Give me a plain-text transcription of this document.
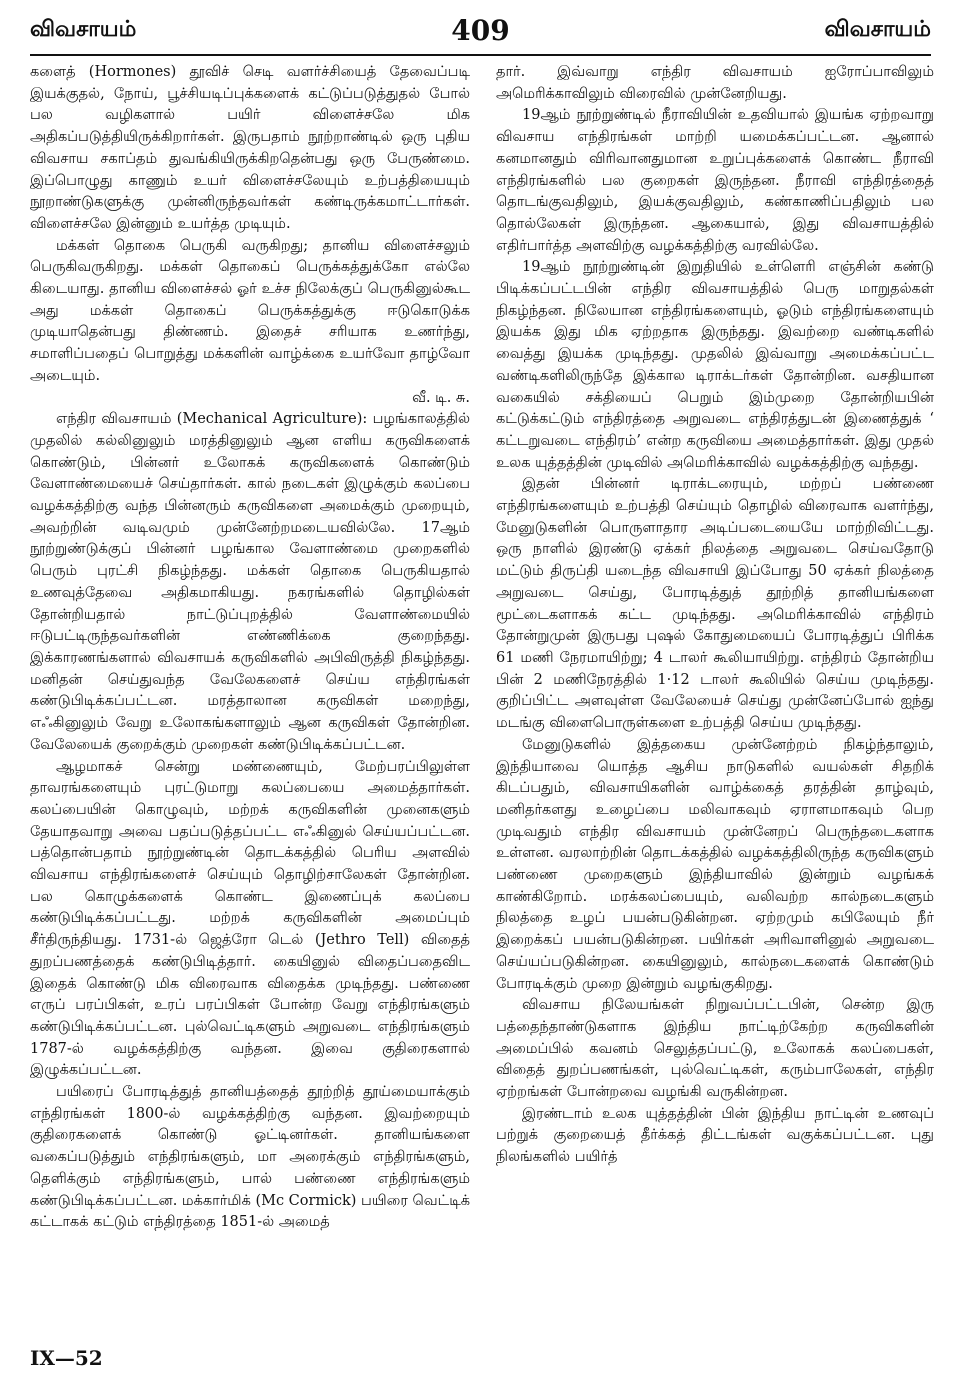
விவசாயம்	409	விவசாயம்

களைத் (Hormones) தூவிச் செடி வளர்ச்சியைத் தேவைப்படி இயக்குதல், நோய், பூச்சியடிப்புக்களைக் கட்டுப்படுத்துதல் போல் பல வழிகளால் பயிர் விளைச்சலே மிக அதிகப்படுத்தியிருக்கிறார்கள். இருபதாம் நூற்றாண்டில் ஒரு புதிய விவசாய சகாப்தம் துவங்கியிருக்கிறதென்பது ஒரு பேருண்மை. இப்பொழுது காணும் உயர் விளைச்சலேயும் உற்பத்தியையும் நூறாண்டுகளுக்கு முன்னிருந்தவர்கள் கண்டிருக்கமாட்டார்கள். விளைச்சலே இன்னும் உயர்த்த முடியும்.

மக்கள் தொகை பெருகி வருகிறது; தானிய விளைச்சலும் பெருகிவருகிறது. மக்கள் தொகைப் பெருக்கத்துக்கோ எல்லே கிடையாது. தானிய விளைச்சல் ஓர் உச்ச நிலேக்குப் பெருகினுல்கூட அது மக்கள் தொகைப் பெருக்கத்துக்கு ஈடுகொடுக்க முடியாதென்பது திண்ணம். இதைச் சரியாக உணர்ந்து, சமாளிப்பதைப் பொறுத்து மக்களின் வாழ்க்கை உயர்வோ தாழ்வோ அடையும்.

வீ. டி. சு.

எந்திர விவசாயம் (Mechanical Agriculture): பழங்காலத்தில் முதலில் கல்லினுலும் மரத்தினுலும் ஆன எளிய கருவிகளைக் கொண்டும், பின்னர் உலோகக் கருவிகளைக் கொண்டும் வேளாண்மையைச் செய்தார்கள். கால் நடைகள் இழுக்கும் கலப்பை வழக்கத்திற்கு வந்த பின்னரும் கருவிகளை அமைக்கும் முறையும், அவற்றின் வடிவமும் முன்னேற்றமடையவில்லே. 17ஆம் நூற்றுண்டுக்குப் பின்னர் பழங்கால வேளாண்மை முறைகளில் பெரும் புரட்சி நிகழ்ந்தது. மக்கள் தொகை பெருகியதால் உணவுத்தேவை அதிகமாகியது. நகரங்களில் தொழில்கள் தோன்றியதால் நாட்டுப்புறத்தில் வேளாண்மையில் ஈடுபட்டிருந்தவர்களின் எண்ணிக்கை குறைந்தது. இக்காரணங்களால் விவசாயக் கருவிகளில் அபிவிருத்தி நிகழ்ந்தது. மனிதன் செய்துவந்த வேலேகளைச் செய்ய எந்திரங்கள் கண்டுபிடிக்கப்பட்டன. மரத்தாலான கருவிகள் மறைந்து, எஃகினுலும் வேறு உலோகங்களாலும் ஆன கருவிகள் தோன்றின. வேலேயைக் குறைக்கும் முறைகள் கண்டுபிடிக்கப்பட்டன.

ஆழமாகச் சென்று மண்ணையும், மேற்பரப்பிலுள்ள தாவரங்களையும் புரட்டுமாறு கலப்பையை அமைத்தார்கள். கலப்பையின் கொழுவும், மற்றக் கருவிகளின் முனைகளும் தேயாதவாறு அவை பதப்படுத்தப்பட்ட எஃகினுல் செய்யப்பட்டன. பத்தொன்பதாம் நூற்றுண்டின் தொடக்கத்தில் பெரிய அளவில் விவசாய எந்திரங்களைச் செய்யும் தொழிற்சாலேகள் தோன்றின. பல கொழுக்களைக் கொண்ட இணைப்புக் கலப்பை கண்டுபிடிக்கப்பட்டது. மற்றக் கருவிகளின் அமைப்பும் சீர்திருந்தியது. 1731-ல் ஜெத்ரோ டெல் (Jethro Tell) விதைத் துறப்பணத்தைக் கண்டுபிடித்தார். கையினுல் விதைப்பதைவிட இதைக் கொண்டு மிக விரைவாக விதைக்க முடிந்தது. பண்ணை எருப் பரப்பிகள், உரப் பரப்பிகள் போன்ற வேறு எந்திரங்களும் கண்டுபிடிக்கப்பட்டன. புல்வெட்டிகளும் அறுவடை எந்திரங்களும் 1787-ல் வழக்கத்திற்கு வந்தன. இவை குதிரைகளால் இழுக்கப்பட்டன.

பயிரைப் போரடித்துத் தானியத்தைத் தூற்றித் தூய்மையாக்கும் எந்திரங்கள் 1800-ல் வழக்கத்திற்கு வந்தன. இவற்றையும் குதிரைகளைக் கொண்டு ஓட்டினர்கள். தானியங்களை வகைப்படுத்தும் எந்திரங்களும், மா அரைக்கும் எந்திரங்களும், தெளிக்கும் எந்திரங்களும், பால் பண்ணை எந்திரங்களும் கண்டுபிடிக்கப்பட்டன. மக்கார்மிக் (Mc Cormick) பயிரை வெட்டிக் கட்டாகக் கட்டும் எந்திரத்தை 1851-ல் அமைத்

தார். இவ்வாறு எந்திர விவசாயம் ஐரோப்பாவிலும் அமெரிக்காவிலும் விரைவில் முன்னேறியது.

19ஆம் நூற்றுண்டில் நீராவியின் உதவியால் இயங்க ஏற்றவாறு விவசாய எந்திரங்கள் மாற்றி யமைக்கப்பட்டன. ஆனால் கனமானதும் விரிவானதுமான உறுப்புக்களைக் கொண்ட நீராவி எந்திரங்களில் பல குறைகள் இருந்தன. நீராவி எந்திரத்தைத் தொடங்குவதிலும், இயக்குவதிலும், கண்காணிப்பதிலும் பல தொல்லேகள் இருந்தன. ஆகையால், இது விவசாயத்தில் எதிர்பார்த்த அளவிற்கு வழக்கத்திற்கு வரவில்லே.

19ஆம் நூற்றுண்டின் இறுதியில் உள்ளெரி எஞ்சின் கண்டு பிடிக்கப்பட்டபின் எந்திர விவசாயத்தில் பெரு மாறுதல்கள் நிகழ்ந்தன. நிலேயான எந்திரங்களையும், ஓடும் எந்திரங்களையும் இயக்க இது மிக ஏற்றதாக இருந்தது. இவற்றை வண்டிகளில் வைத்து இயக்க முடிந்தது. முதலில் இவ்வாறு அமைக்கப்பட்ட வண்டிகளிலிருந்தே இக்கால டிராக்டர்கள் தோன்றின. வசதியான வகையில் சக்தியைப் பெறும் இம்முறை தோன்றியபின் கட்டுக்கட்டும் எந்திரத்தை அறுவடை எந்திரத்துடன் இணைத்துக் ‘ கட்டறுவடை எந்திரம்’ என்ற கருவியை அமைத்தார்கள். இது முதல் உலக யுத்தத்தின் முடிவில் அமெரிக்காவில் வழக்கத்திற்கு வந்தது.

இதன் பின்னர் டிராக்டரையும், மற்றப் பண்ணை எந்திரங்களையும் உற்பத்தி செய்யும் தொழில் விரைவாக வளர்ந்து, மேனுடுகளின் பொருளாதார அடிப்படையையே மாற்றிவிட்டது. ஒரு நாளில் இரண்டு ஏக்கர் நிலத்தை அறுவடை செய்வதோடு மட்டும் திருப்தி யடைந்த விவசாயி இப்போது 50 ஏக்கர் நிலத்தை அறுவடை செய்து, போரடித்துத் தூற்றித் தானியங்களை மூட்டைகளாகக் கட்ட முடிந்தது. அமெரிக்காவில் எந்திரம் தோன்றுமுன் இருபது புஷல் கோதுமையைப் போரடித்துப் பிரிக்க 61 மணி நேரமாயிற்று; 4 டாலர் கூலியாயிற்று. எந்திரம் தோன்றிய பின் 2 மணிநேரத்தில் 1·12 டாலர் கூலியில் செய்ய முடிந்தது. குறிப்பிட்ட அளவுள்ள வேலேயைச் செய்து முன்னேப்போல் ஐந்து மடங்கு விளைபொருள்களை உற்பத்தி செய்ய முடிந்தது.

மேனுடுகளில் இத்தகைய முன்னேற்றம் நிகழ்ந்தாலும், இந்தியாவை யொத்த ஆசிய நாடுகளில் வயல்கள் சிதறிக் கிடப்பதும், விவசாயிகளின் வாழ்க்கைத் தரத்தின் தாழ்வும், மனிதர்களது உழைப்பை மலிவாகவும் ஏராளமாகவும் பெற முடிவதும் எந்திர விவசாயம் முன்னேறப் பெருந்தடைகளாக உள்ளன. வரலாற்றின் தொடக்கத்தில் வழக்கத்திலிருந்த கருவிகளும் பண்ணை முறைகளும் இந்தியாவில் இன்றும் வழங்கக் காண்கிறோம். மரக்கலப்பையும், வலிவற்ற கால்நடைகளும் நிலத்தை உழப் பயன்படுகின்றன. ஏற்றமும் கபிலேயும் நீர் இறைக்கப் பயன்படுகின்றன. பயிர்கள் அரிவாளினுல் அறுவடை செய்யப்படுகின்றன. கையினுலும், கால்நடைகளைக் கொண்டும் போரடிக்கும் முறை இன்றும் வழங்குகிறது.

விவசாய நிலேயங்கள் நிறுவப்பட்டபின், சென்ற இரு பத்தைந்தாண்டுகளாக இந்திய நாட்டிற்கேற்ற கருவிகளின் அமைப்பில் கவனம் செலுத்தப்பட்டு, உலோகக் கலப்பைகள், விதைத் துறப்பணங்கள், புல்வெட்டிகள், கரும்பாலேகள், எந்திர ஏற்றங்கள் போன்றவை வழங்கி வருகின்றன.

இரண்டாம் உலக யுத்தத்தின் பின் இந்திய நாட்டின் உணவுப் பற்றுக் குறையைத் தீர்க்கத் திட்டங்கள் வகுக்கப்பட்டன. புது நிலங்களில் பயிர்த்

IX—52
